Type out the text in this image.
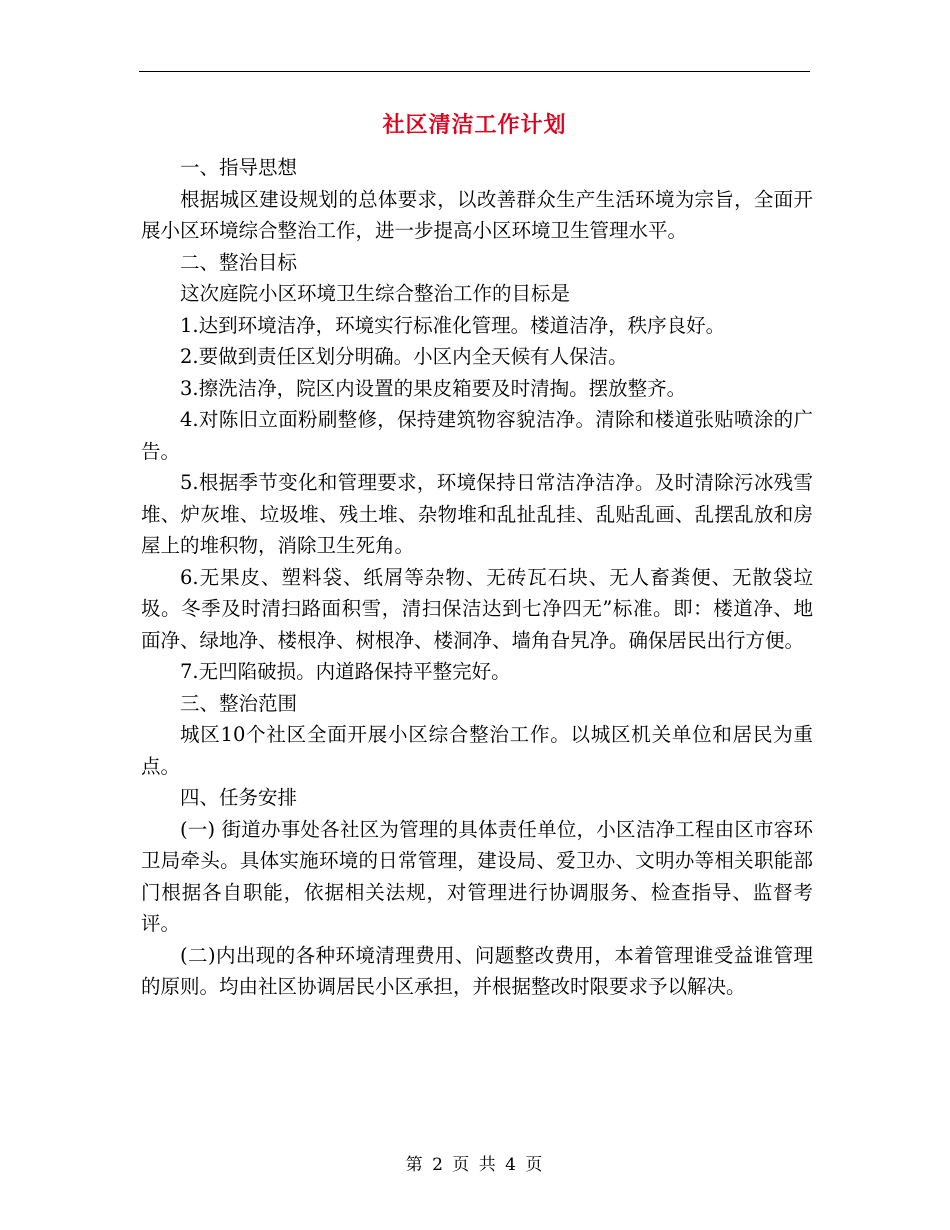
社区清洁工作计划

一、指导思想

根据城区建设规划的总体要求，以改善群众生产生活环境为宗旨，全面开展小区环境综合整治工作，进一步提高小区环境卫生管理水平。

二、整治目标

这次庭院小区环境卫生综合整治工作的目标是

1.达到环境洁净，环境实行标准化管理。楼道洁净，秩序良好。

2.要做到责任区划分明确。小区内全天候有人保洁。

3.擦洗洁净，院区内设置的果皮箱要及时清掏。摆放整齐。

4.对陈旧立面粉刷整修，保持建筑物容貌洁净。清除和楼道张贴喷涂的广告。

5.根据季节变化和管理要求，环境保持日常洁净洁净。及时清除污冰残雪堆、炉灰堆、垃圾堆、残土堆、杂物堆和乱扯乱挂、乱贴乱画、乱摆乱放和房屋上的堆积物，消除卫生死角。

6.无果皮、塑料袋、纸屑等杂物、无砖瓦石块、无人畜粪便、无散袋垃圾。冬季及时清扫路面积雪，清扫保洁达到七净四无”标准。即：楼道净、地面净、绿地净、楼根净、树根净、楼洞净、墙角旮旯净。确保居民出行方便。

7.无凹陷破损。内道路保持平整完好。

三、整治范围

城区10个社区全面开展小区综合整治工作。以城区机关单位和居民为重点。

四、任务安排

(一) 街道办事处各社区为管理的具体责任单位，小区洁净工程由区市容环卫局牵头。具体实施环境的日常管理，建设局、爱卫办、文明办等相关职能部门根据各自职能，依据相关法规，对管理进行协调服务、检查指导、监督考评。

(二)内出现的各种环境清理费用、问题整改费用，本着管理谁受益谁管理的原则。均由社区协调居民小区承担，并根据整改时限要求予以解决。

第 2 页 共 4 页
